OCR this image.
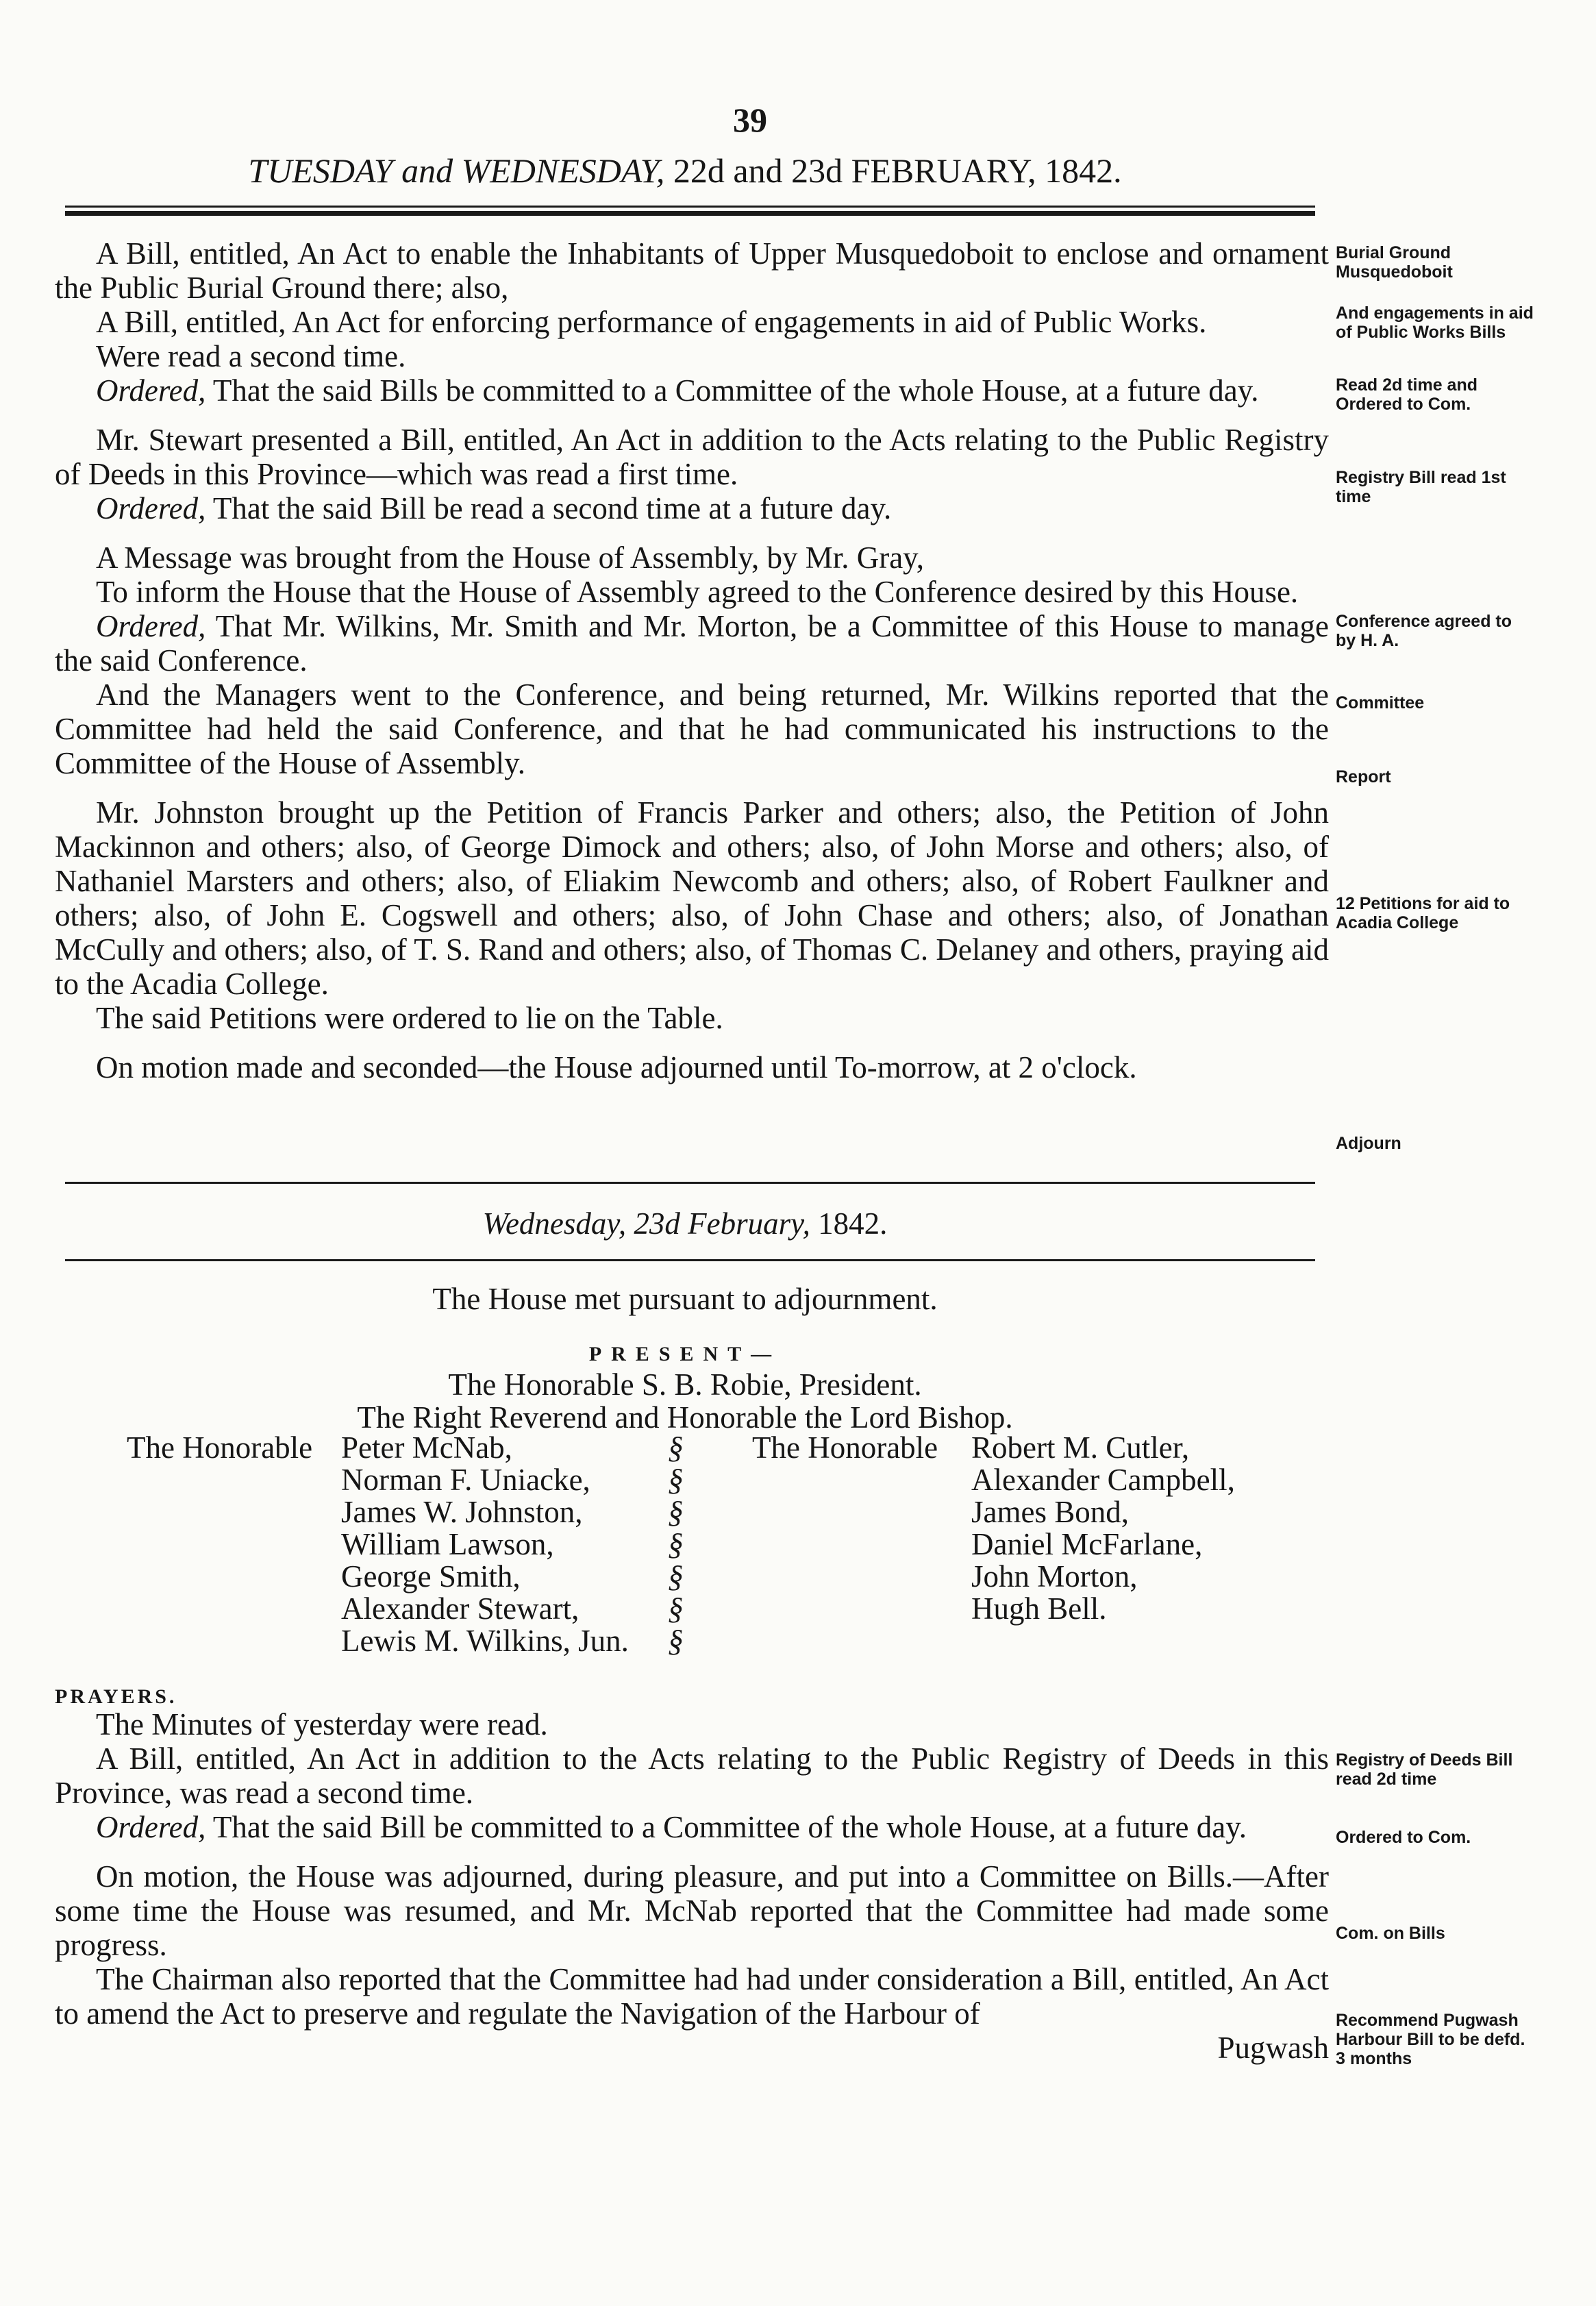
39
TUESDAY and WEDNESDAY, 22d and 23d FEBRUARY, 1842.

A Bill, entitled, An Act to enable the Inhabitants of Upper Musquedoboit to enclose and ornament the Public Burial Ground there; also,

A Bill, entitled, An Act for enforcing performance of engagements in aid of Public Works.

Were read a second time.

Ordered, That the said Bills be committed to a Committee of the whole House, at a future day.

Mr. Stewart presented a Bill, entitled, An Act in addition to the Acts relating to the Public Registry of Deeds in this Province—which was read a first time.

Ordered, That the said Bill be read a second time at a future day.

A Message was brought from the House of Assembly, by Mr. Gray,

To inform the House that the House of Assembly agreed to the Conference desired by this House.

Ordered, That Mr. Wilkins, Mr. Smith and Mr. Morton, be a Committee of this House to manage the said Conference.

And the Managers went to the Conference, and being returned, Mr. Wilkins reported that the Committee had held the said Conference, and that he had communicated his instructions to the Committee of the House of Assembly.

Mr. Johnston brought up the Petition of Francis Parker and others; also, the Petition of John Mackinnon and others; also, of George Dimock and others; also, of John Morse and others; also, of Nathaniel Marsters and others; also, of Eliakim Newcomb and others; also, of Robert Faulkner and others; also, of John E. Cogswell and others; also, of John Chase and others; also, of Jonathan McCully and others; also, of T. S. Rand and others; also, of Thomas C. Delaney and others, praying aid to the Acadia College.

The said Petitions were ordered to lie on the Table.

On motion made and seconded—the House adjourned until To-morrow, at 2 o'clock.

Burial Ground Musquedoboit
And engagements in aid of Public Works Bills
Read 2d time and Ordered to Com.
Registry Bill read 1st time
Conference agreed to by H. A.
Committee
Report
12 Petitions for aid to Acadia College
Adjourn
Wednesday, 23d February, 1842.
The House met pursuant to adjournment.
PRESENT—
The Honorable S. B. Robie, President.
The Right Reverend and Honorable the Lord Bishop.
The Honorable Peter McNab,
Norman F. Uniacke,
James W. Johnston,
William Lawson,
George Smith,
Alexander Stewart,
Lewis M. Wilkins, Jun.
§
§
§
§
§
§
§
The Honorable Robert M. Cutler,
Alexander Campbell,
James Bond,
Daniel McFarlane,
John Morton,
Hugh Bell.
PRAYERS.

The Minutes of yesterday were read.

A Bill, entitled, An Act in addition to the Acts relating to the Public Registry of Deeds in this Province, was read a second time.

Ordered, That the said Bill be committed to a Committee of the whole House, at a future day.

On motion, the House was adjourned, during pleasure, and put into a Committee on Bills.—After some time the House was resumed, and Mr. McNab reported that the Committee had made some progress.

The Chairman also reported that the Committee had had under consideration a Bill, entitled, An Act to amend the Act to preserve and regulate the Navigation of the Harbour of

Pugwash

Registry of Deeds Bill read 2d time
Ordered to Com.
Com. on Bills
Recommend Pugwash Harbour Bill to be defd. 3 months
